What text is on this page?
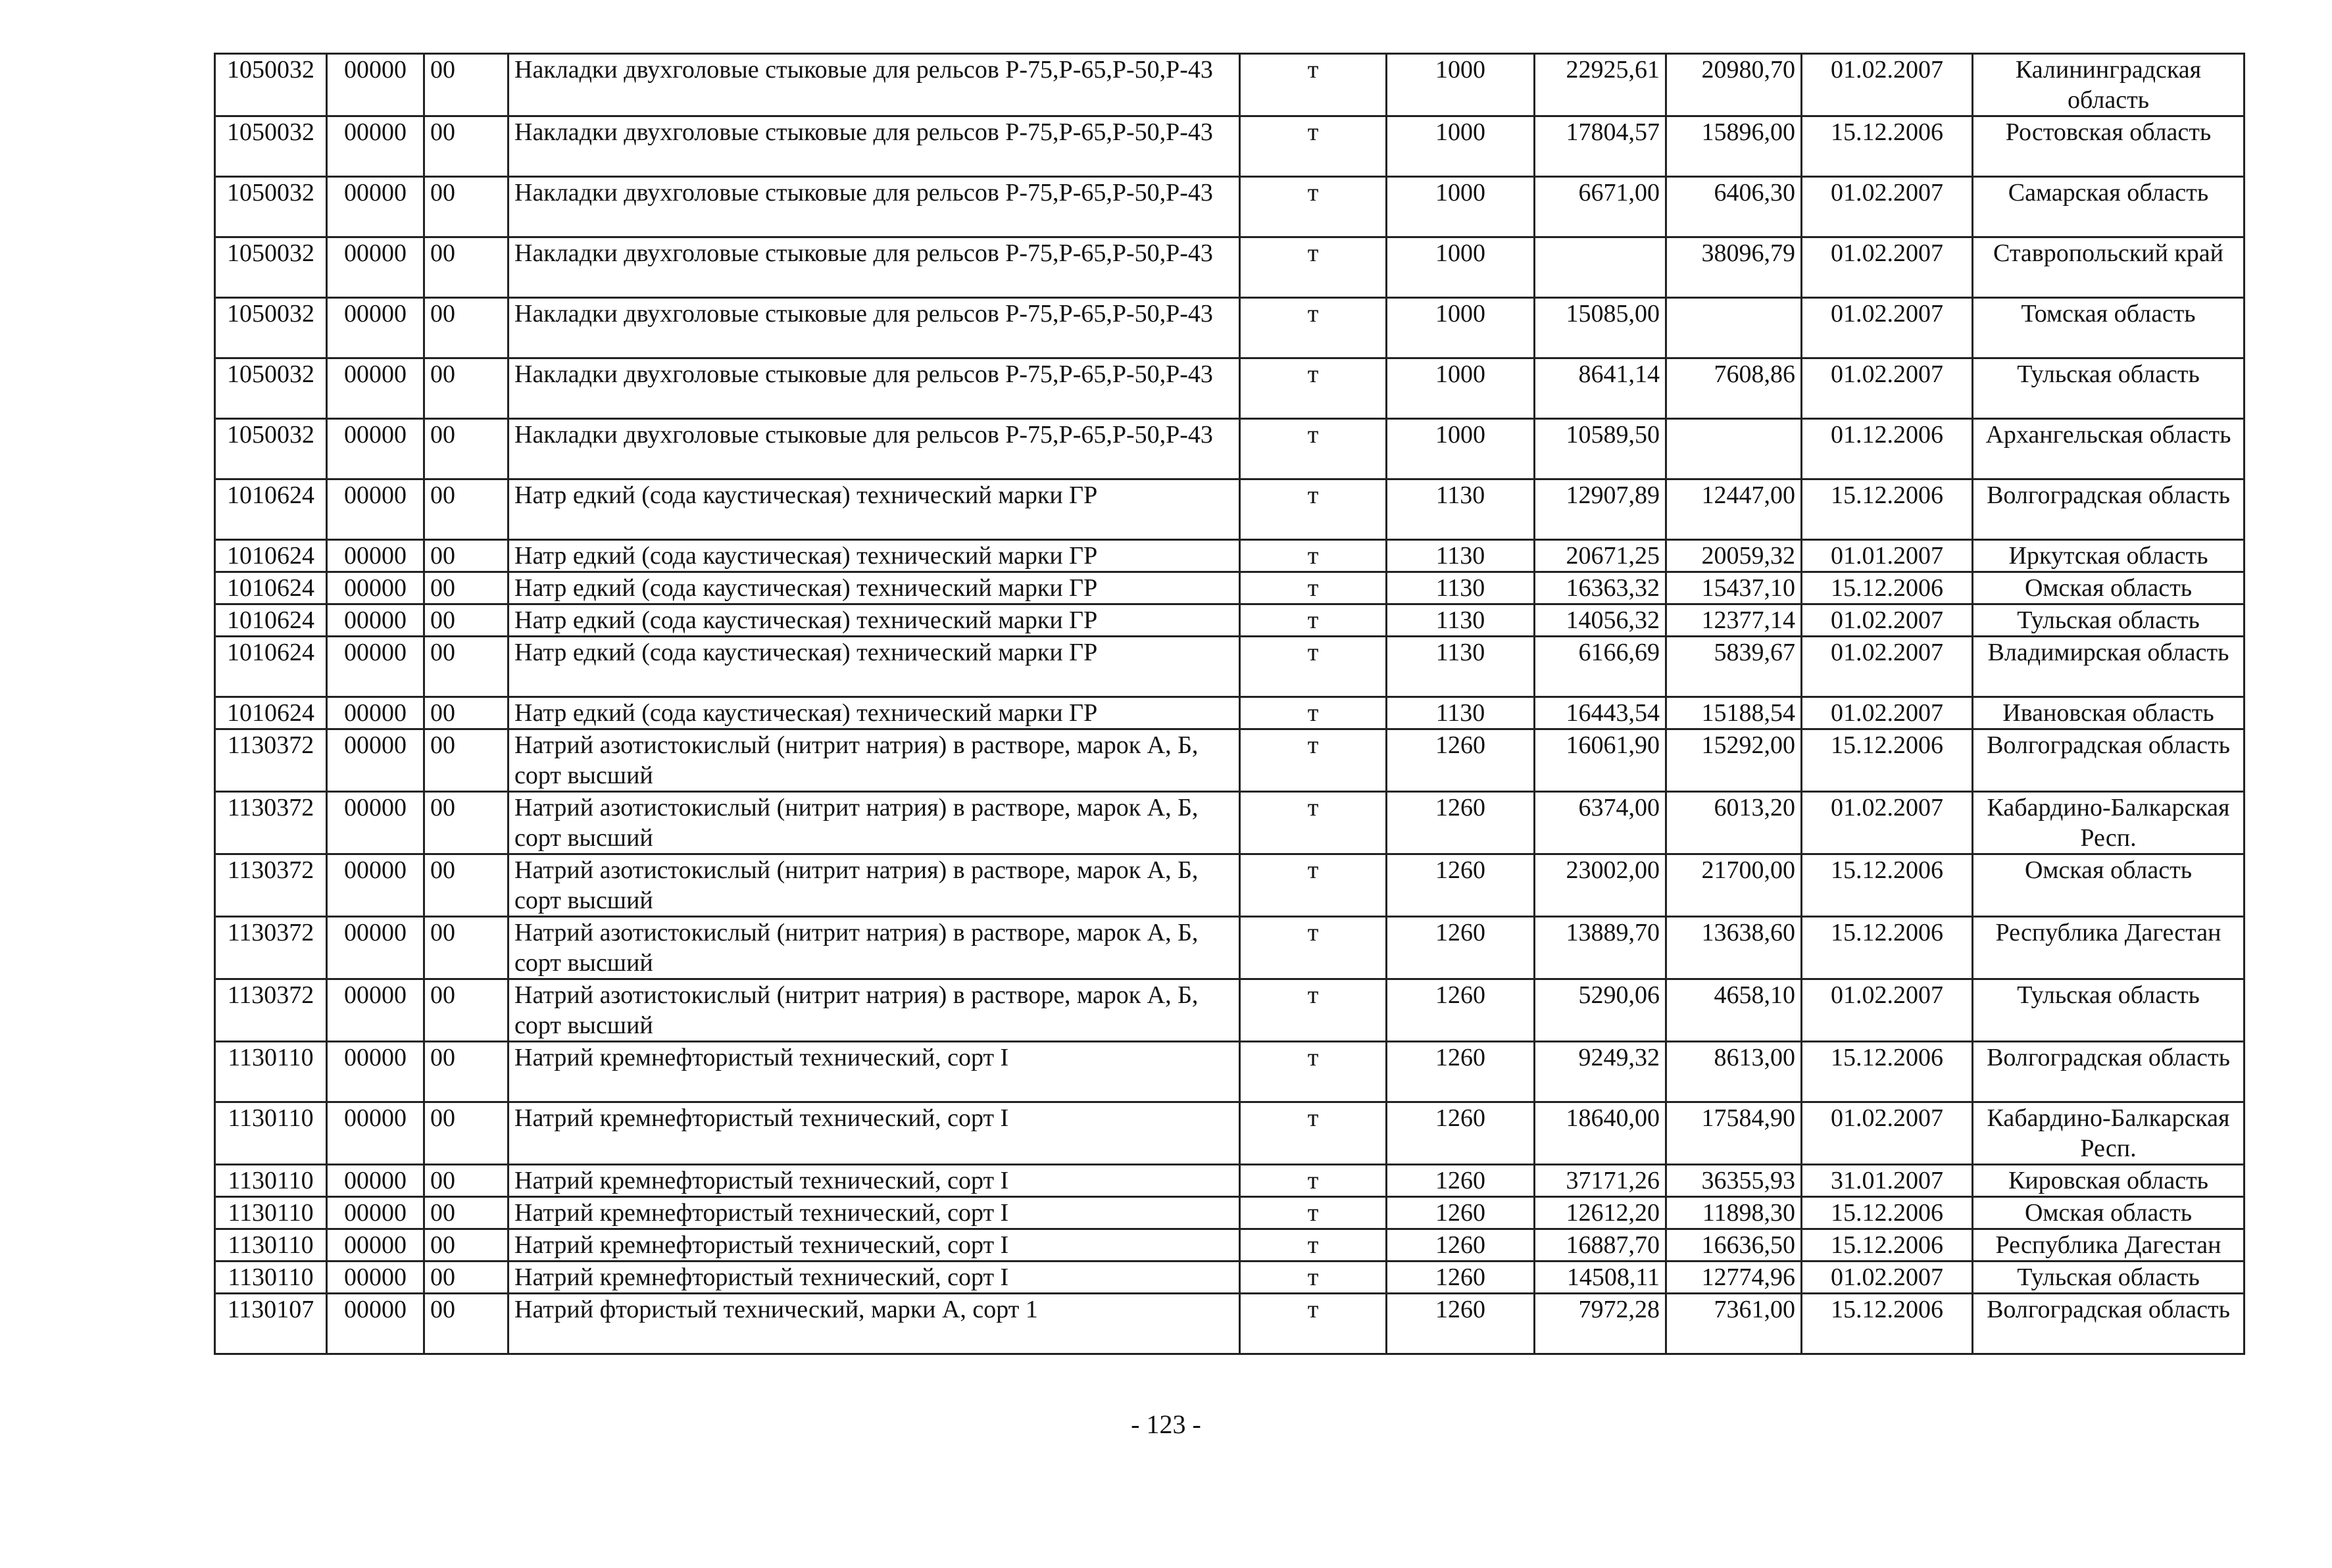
1050032	00000	00	Накладки двухголовые стыковые для рельсов Р-75,Р-65,Р-50,Р-43	т	1000	22925,61	20980,70	01.02.2007	Калининградская область
1050032	00000	00	Накладки двухголовые стыковые для рельсов Р-75,Р-65,Р-50,Р-43	т	1000	17804,57	15896,00	15.12.2006	Ростовская область
1050032	00000	00	Накладки двухголовые стыковые для рельсов Р-75,Р-65,Р-50,Р-43	т	1000	6671,00	6406,30	01.02.2007	Самарская область
1050032	00000	00	Накладки двухголовые стыковые для рельсов Р-75,Р-65,Р-50,Р-43	т	1000		38096,79	01.02.2007	Ставропольский край
1050032	00000	00	Накладки двухголовые стыковые для рельсов Р-75,Р-65,Р-50,Р-43	т	1000	15085,00		01.02.2007	Томская область
1050032	00000	00	Накладки двухголовые стыковые для рельсов Р-75,Р-65,Р-50,Р-43	т	1000	8641,14	7608,86	01.02.2007	Тульская область
1050032	00000	00	Накладки двухголовые стыковые для рельсов Р-75,Р-65,Р-50,Р-43	т	1000	10589,50		01.12.2006	Архангельская область
1010624	00000	00	Натр едкий (сода каустическая) технический марки ГР	т	1130	12907,89	12447,00	15.12.2006	Волгоградская область
1010624	00000	00	Натр едкий (сода каустическая) технический марки ГР	т	1130	20671,25	20059,32	01.01.2007	Иркутская область
1010624	00000	00	Натр едкий (сода каустическая) технический марки ГР	т	1130	16363,32	15437,10	15.12.2006	Омская область
1010624	00000	00	Натр едкий (сода каустическая) технический марки ГР	т	1130	14056,32	12377,14	01.02.2007	Тульская область
1010624	00000	00	Натр едкий (сода каустическая) технический марки ГР	т	1130	6166,69	5839,67	01.02.2007	Владимирская область
1010624	00000	00	Натр едкий (сода каустическая) технический марки ГР	т	1130	16443,54	15188,54	01.02.2007	Ивановская область
1130372	00000	00	Натрий азотистокислый (нитрит натрия) в растворе, марок А, Б, сорт высший	т	1260	16061,90	15292,00	15.12.2006	Волгоградская область
1130372	00000	00	Натрий азотистокислый (нитрит натрия) в растворе, марок А, Б, сорт высший	т	1260	6374,00	6013,20	01.02.2007	Кабардино-Балкарская Респ.
1130372	00000	00	Натрий азотистокислый (нитрит натрия) в растворе, марок А, Б, сорт высший	т	1260	23002,00	21700,00	15.12.2006	Омская область
1130372	00000	00	Натрий азотистокислый (нитрит натрия) в растворе, марок А, Б, сорт высший	т	1260	13889,70	13638,60	15.12.2006	Республика Дагестан
1130372	00000	00	Натрий азотистокислый (нитрит натрия) в растворе, марок А, Б, сорт высший	т	1260	5290,06	4658,10	01.02.2007	Тульская область
1130110	00000	00	Натрий кремнефтористый технический, сорт I	т	1260	9249,32	8613,00	15.12.2006	Волгоградская область
1130110	00000	00	Натрий кремнефтористый технический, сорт I	т	1260	18640,00	17584,90	01.02.2007	Кабардино-Балкарская Респ.
1130110	00000	00	Натрий кремнефтористый технический, сорт I	т	1260	37171,26	36355,93	31.01.2007	Кировская область
1130110	00000	00	Натрий кремнефтористый технический, сорт I	т	1260	12612,20	11898,30	15.12.2006	Омская область
1130110	00000	00	Натрий кремнефтористый технический, сорт I	т	1260	16887,70	16636,50	15.12.2006	Республика Дагестан
1130110	00000	00	Натрий кремнефтористый технический, сорт I	т	1260	14508,11	12774,96	01.02.2007	Тульская область
1130107	00000	00	Натрий фтористый технический, марки А, сорт 1	т	1260	7972,28	7361,00	15.12.2006	Волгоградская область
- 123 -
